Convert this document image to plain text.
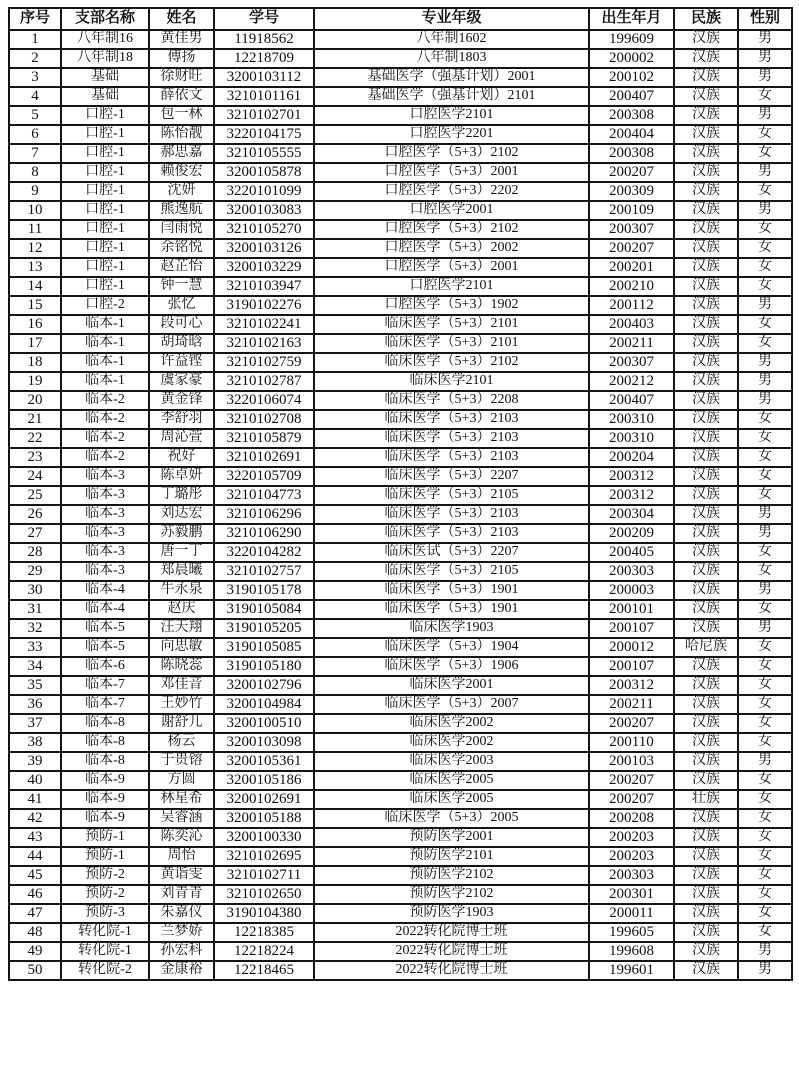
序号	支部名称	姓名	学号	专业年级	出生年月	民族	性别
1	八年制16	黄佳男	11918562	八年制1602	199609	汉族	男
2	八年制18	傅扬	12218709	八年制1803	200002	汉族	男
3	基础	徐财旺	3200103112	基础医学（强基计划）2001	200102	汉族	男
4	基础	薛依文	3210101161	基础医学（强基计划）2101	200407	汉族	女
5	口腔-1	包一林	3210102701	口腔医学2101	200308	汉族	男
6	口腔-1	陈怡靓	3220104175	口腔医学2201	200404	汉族	女
7	口腔-1	郝思嘉	3210105555	口腔医学（5+3）2102	200308	汉族	女
8	口腔-1	赖俊宏	3200105878	口腔医学（5+3）2001	200207	汉族	男
9	口腔-1	沈妍	3220101099	口腔医学（5+3）2202	200309	汉族	女
10	口腔-1	熊逸航	3200103083	口腔医学2001	200109	汉族	男
11	口腔-1	闫雨悦	3210105270	口腔医学（5+3）2102	200307	汉族	女
12	口腔-1	余铭悦	3200103126	口腔医学（5+3）2002	200207	汉族	女
13	口腔-1	赵芷怡	3200103229	口腔医学（5+3）2001	200201	汉族	女
14	口腔-1	钟一慧	3210103947	口腔医学2101	200210	汉族	女
15	口腔-2	张忆	3190102276	口腔医学（5+3）1902	200112	汉族	男
16	临本-1	段可心	3210102241	临床医学（5+3）2101	200403	汉族	女
17	临本-1	胡琦晗	3210102163	临床医学（5+3）2101	200211	汉族	女
18	临本-1	许益铿	3210102759	临床医学（5+3）2102	200307	汉族	男
19	临本-1	虞家豪	3210102787	临床医学2101	200212	汉族	男
20	临本-2	黄金锋	3220106074	临床医学（5+3）2208	200407	汉族	男
21	临本-2	李舒羽	3210102708	临床医学（5+3）2103	200310	汉族	女
22	临本-2	周沁萱	3210105879	临床医学（5+3）2103	200310	汉族	女
23	临本-2	祝好	3210102691	临床医学（5+3）2103	200204	汉族	女
24	临本-3	陈卓妍	3220105709	临床医学（5+3）2207	200312	汉族	女
25	临本-3	丁璐彤	3210104773	临床医学（5+3）2105	200312	汉族	女
26	临本-3	刘达宏	3210106296	临床医学（5+3）2103	200304	汉族	男
27	临本-3	苏毅鹏	3210106290	临床医学（5+3）2103	200209	汉族	男
28	临本-3	唐一丁	3220104282	临床医试（5+3）2207	200405	汉族	女
29	临本-3	郑晨曦	3210102757	临床医学（5+3）2105	200303	汉族	女
30	临本-4	牛永泉	3190105178	临床医学（5+3）1901	200003	汉族	男
31	临本-4	赵庆	3190105084	临床医学（5+3）1901	200101	汉族	女
32	临本-5	汪天翔	3190105205	临床医学1903	200107	汉族	男
33	临本-5	向思敏	3190105085	临床医学（5+3）1904	200012	哈尼族	女
34	临本-6	陈晓蕊	3190105180	临床医学（5+3）1906	200107	汉族	女
35	临本-7	邓佳音	3200102796	临床医学2001	200312	汉族	女
36	临本-7	王妙竹	3200104984	临床医学（5+3）2007	200211	汉族	女
37	临本-8	谢舒儿	3200100510	临床医学2002	200207	汉族	女
38	临本-8	杨云	3200103098	临床医学2002	200110	汉族	女
39	临本-8	于贵镕	3200105361	临床医学2003	200103	汉族	男
40	临本-9	方圆	3200105186	临床医学2005	200207	汉族	女
41	临本-9	林星希	3200102691	临床医学2005	200207	壮族	女
42	临本-9	吴睿涵	3200105188	临床医学（5+3）2005	200208	汉族	女
43	预防-1	陈奕沁	3200100330	预防医学2001	200203	汉族	女
44	预防-1	周怡	3210102695	预防医学2101	200203	汉族	女
45	预防-2	黄诣雯	3210102711	预防医学2102	200303	汉族	女
46	预防-2	刘青青	3210102650	预防医学2102	200301	汉族	女
47	预防-3	朱嘉仪	3190104380	预防医学1903	200011	汉族	女
48	转化院-1	兰梦娇	12218385	2022转化院博士班	199605	汉族	女
49	转化院-1	孙宏科	12218224	2022转化院博士班	199608	汉族	男
50	转化院-2	金康裕	12218465	2022转化院博士班	199601	汉族	男
